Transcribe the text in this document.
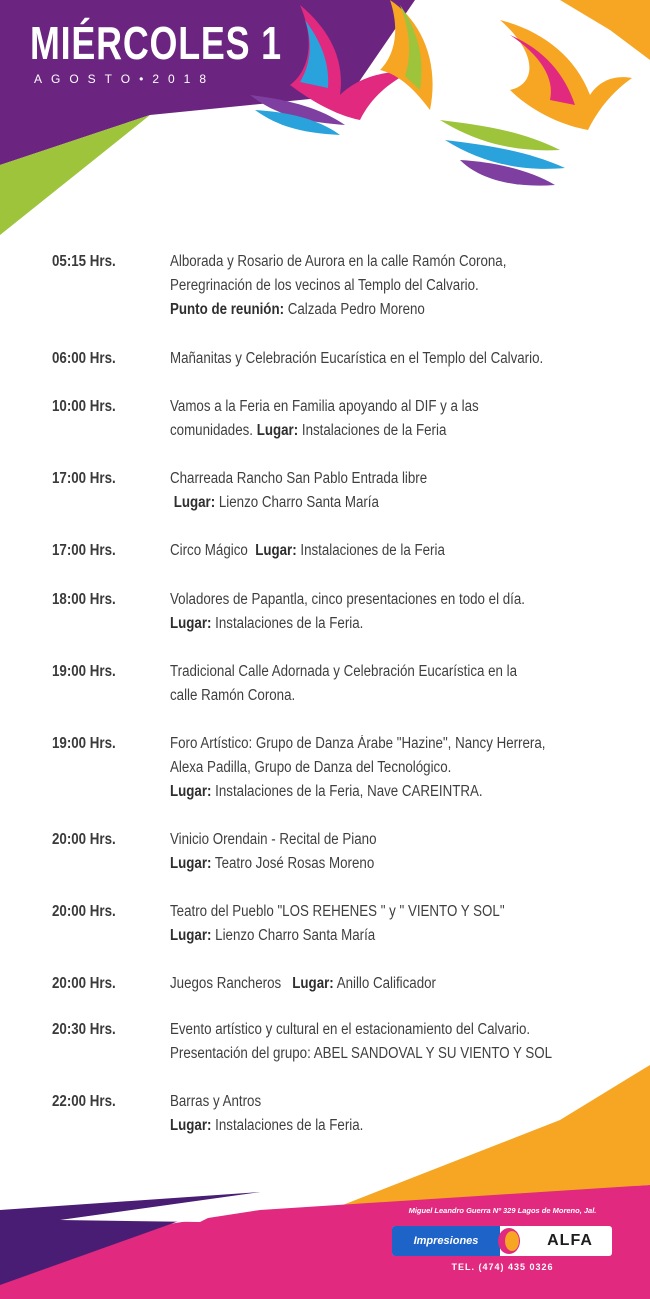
MIÉRCOLES 1
AGOSTO•2018
05:15 Hrs.	Alborada y Rosario de Aurora en la calle Ramón Corona,
Peregrinación de los vecinos al Templo del Calvario.
Punto de reunión: Calzada Pedro Moreno
06:00 Hrs.	Mañanitas y Celebración Eucarística en el Templo del Calvario.
10:00 Hrs.	Vamos a la Feria en Familia apoyando al DIF y a las
comunidades. Lugar: Instalaciones de la Feria
17:00 Hrs.	Charreada Rancho San Pablo Entrada libre
Lugar: Lienzo Charro Santa María
17:00 Hrs.	Circo Mágico  Lugar: Instalaciones de la Feria
18:00 Hrs.	Voladores de Papantla, cinco presentaciones en todo el día.
Lugar: Instalaciones de la Feria.
19:00 Hrs.	Tradicional Calle Adornada y Celebración Eucarística en la
calle Ramón Corona.
19:00 Hrs.	Foro Artístico: Grupo de Danza Árabe "Hazine", Nancy Herrera,
Alexa Padilla, Grupo de Danza del Tecnológico.
Lugar: Instalaciones de la Feria, Nave CAREINTRA.
20:00 Hrs.	Vinicio Orendain - Recital de Piano
Lugar: Teatro José Rosas Moreno
20:00 Hrs.	Teatro del Pueblo "LOS REHENES " y " VIENTO Y SOL"
Lugar: Lienzo Charro Santa María
20:00 Hrs.	Juegos Rancheros   Lugar: Anillo Calificador
20:30 Hrs.	Evento artístico y cultural en el estacionamiento del Calvario.
Presentación del grupo: ABEL SANDOVAL Y SU VIENTO Y SOL
22:00 Hrs.	Barras y Antros
Lugar: Instalaciones de la Feria.
31	Miguel Leandro Guerra Nº 329 Lagos de Moreno, Jal.
Impresiones	ALFA
TEL. (474) 435 0326
